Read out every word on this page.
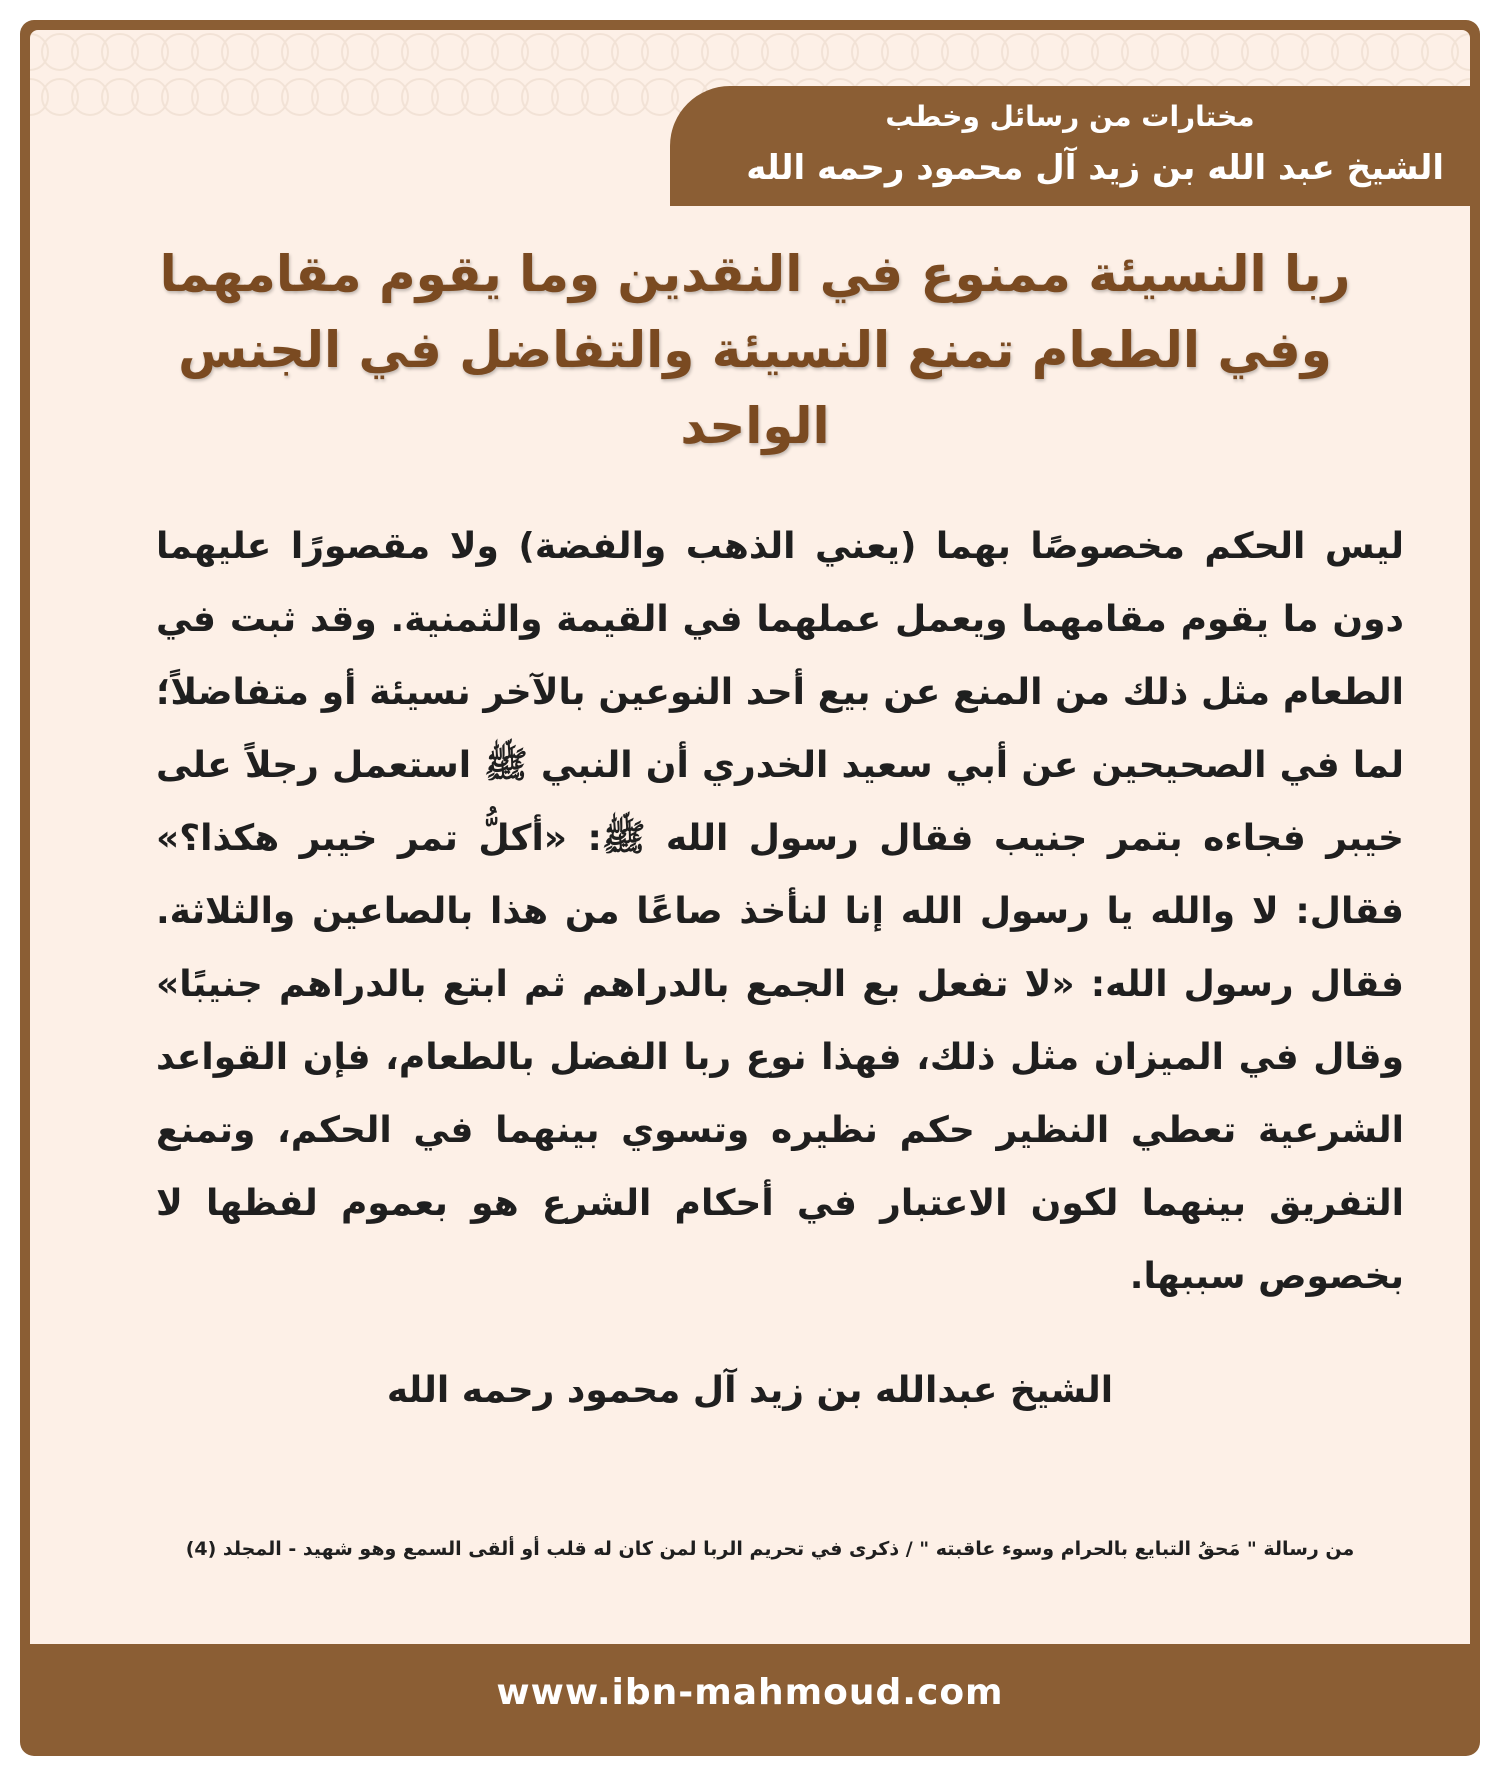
مختارات من رسائل وخطب
الشيخ عبد الله بن زيد آل محمود رحمه الله
ربا النسيئة ممنوع في النقدين وما يقوم مقامهما وفي الطعام تمنع النسيئة والتفاضل في الجنس الواحد
ليس الحكم مخصوصًا بهما (يعني الذهب والفضة) ولا مقصورًا عليهما دون ما يقوم مقامهما ويعمل عملهما في القيمة والثمنية. وقد ثبت في الطعام مثل ذلك من المنع عن بيع أحد النوعين بالآخر نسيئة أو متفاضلاً؛ لما في الصحيحين عن أبي سعيد الخدري أن النبي ﷺ استعمل رجلاً على خيبر فجاءه بتمر جنيب فقال رسول الله ﷺ: «أكلُّ تمر خيبر هكذا؟» فقال: لا والله يا رسول الله إنا لنأخذ صاعًا من هذا بالصاعين والثلاثة. فقال رسول الله: «لا تفعل بع الجمع بالدراهم ثم ابتع بالدراهم جنيبًا» وقال في الميزان مثل ذلك، فهذا نوع ربا الفضل بالطعام، فإن القواعد الشرعية تعطي النظير حكم نظيره وتسوي بينهما في الحكم، وتمنع التفريق بينهما لكون الاعتبار في أحكام الشرع هو بعموم لفظها لا بخصوص سببها.
الشيخ عبدالله بن زيد آل محمود رحمه الله
من رسالة " مَحقُ التبايع بالحرام وسوء عاقبته " / ذكرى في تحريم الربا لمن كان له قلب أو ألقى السمع وهو شهيد - المجلد (4)
www.ibn-mahmoud.com
